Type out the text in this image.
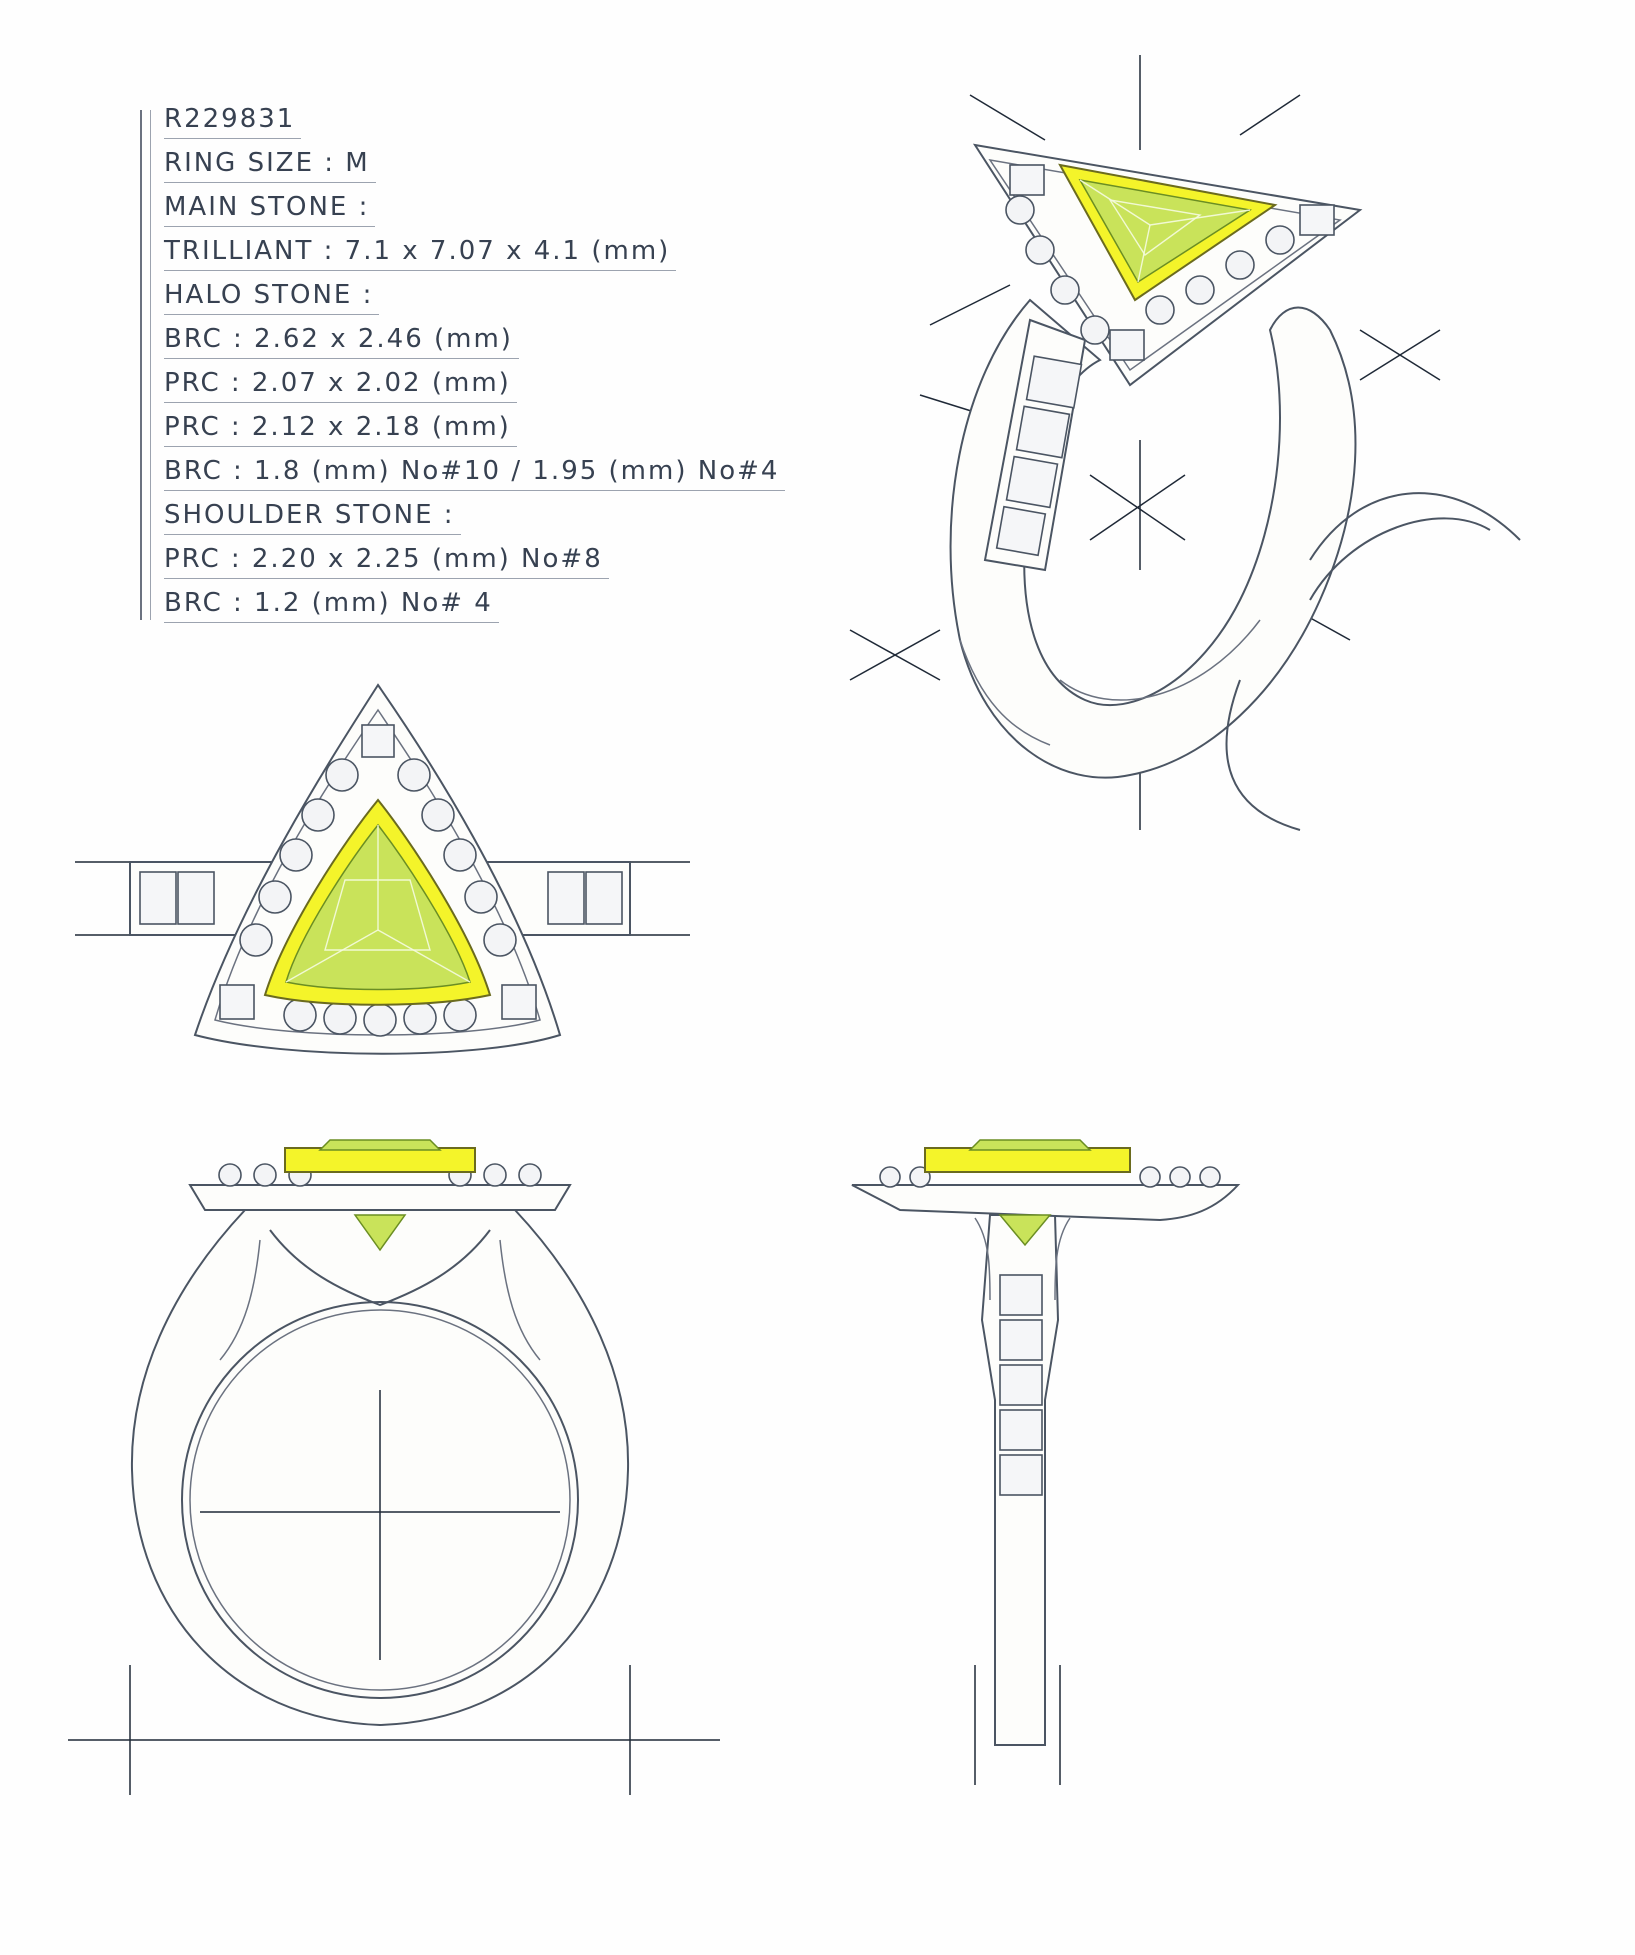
R229831
RING SIZE : M
MAIN STONE :
TRILLIANT : 7.1 x 7.07 x 4.1 (mm)
HALO STONE :
BRC : 2.62 x 2.46 (mm)
PRC : 2.07 x 2.02 (mm)
PRC : 2.12 x 2.18 (mm)
BRC : 1.8 (mm) No#10 / 1.95 (mm) No#4
SHOULDER STONE :
PRC : 2.20 x 2.25 (mm) No#8
BRC : 1.2 (mm) No# 4
